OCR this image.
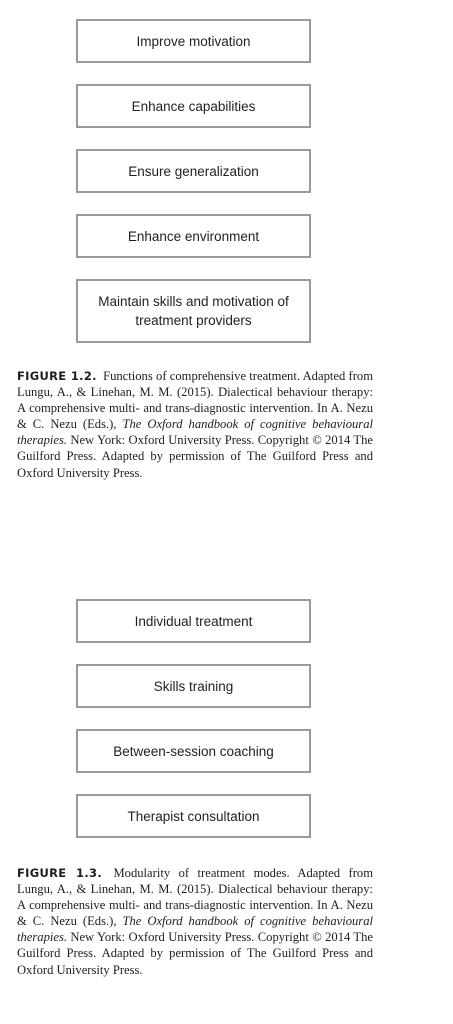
Improve motivation
Enhance capabilities
Ensure generalization
Enhance environment
Maintain skills and motivation of treatment providers
FIGURE 1.2. Functions of comprehensive treatment. Adapted from Lungu, A., & Linehan, M. M. (2015). Dialectical behaviour therapy: A comprehensive multi- and trans-diagnostic intervention. In A. Nezu & C. Nezu (Eds.), The Oxford handbook of cognitive behavioural therapies. New York: Oxford University Press. Copyright © 2014 The Guilford Press. Adapted by permission of The Guilford Press and Oxford University Press.
Individual treatment
Skills training
Between-session coaching
Therapist consultation
FIGURE 1.3. Modularity of treatment modes. Adapted from Lungu, A., & Linehan, M. M. (2015). Dialectical behaviour therapy: A comprehensive multi- and trans-diagnostic intervention. In A. Nezu & C. Nezu (Eds.), The Oxford handbook of cognitive behavioural therapies. New York: Oxford University Press. Copyright © 2014 The Guilford Press. Adapted by permission of The Guilford Press and Oxford University Press.
